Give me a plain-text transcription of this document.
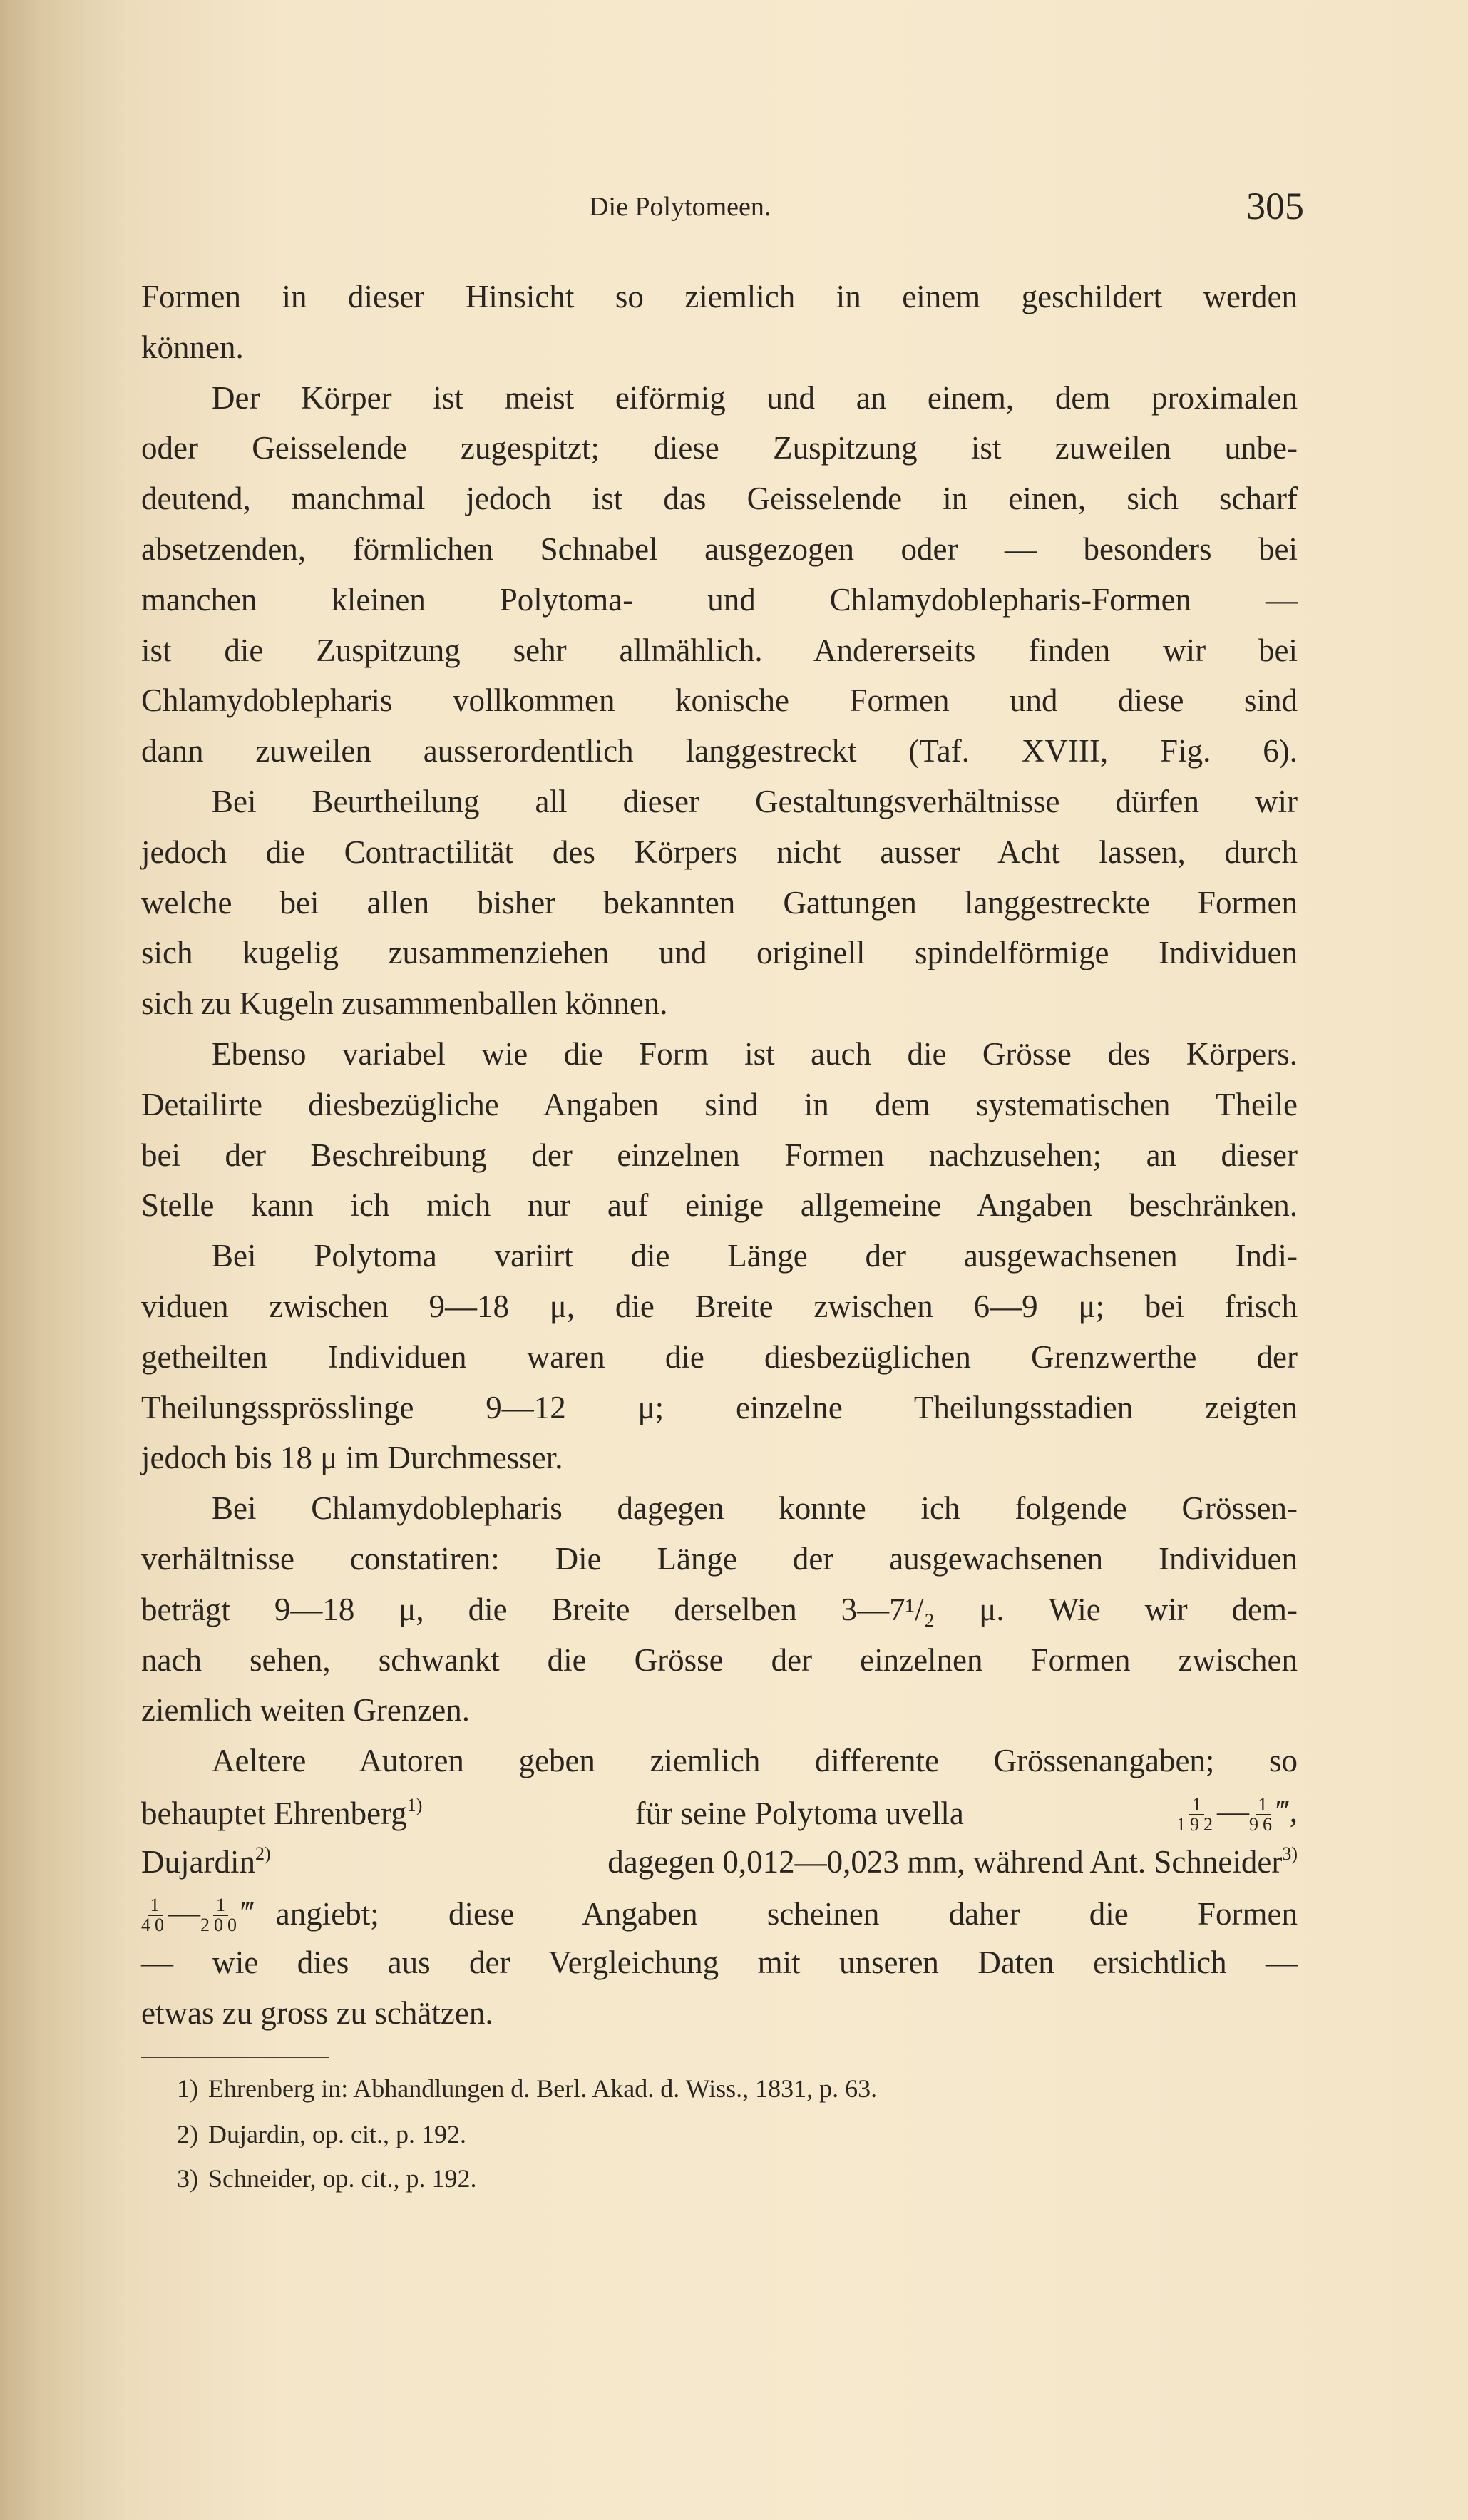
Die Polytomeen.	305
behauptet Ehrenberg$^{1)}$	für seine Polytoma uvella	$\frac{1}{192}$ — $\frac{1}{96}$ ‴,
Dujardin$^{2)}$	dagegen 0,012—0,023 mm, während Ant. Schneider$^{3)}$
$\frac{1}{40}$ — $\frac{1}{200}$ ‴ angiebt; diese Angaben scheinen daher die Formen
Formen in dieser Hinsicht so ziemlich in einem geschildert werden
können.
Der Körper ist meist eiförmig und an einem, dem proximalen
oder Geisselende zugespitzt; diese Zuspitzung ist zuweilen unbe-
deutend, manchmal jedoch ist das Geisselende in einen, sich scharf
absetzenden, förmlichen Schnabel ausgezogen oder — besonders bei
manchen kleinen Polytoma- und Chlamydoblepharis-Formen —
ist die Zuspitzung sehr allmählich. Andererseits finden wir bei
Chlamydoblepharis vollkommen konische Formen und diese sind
dann zuweilen ausserordentlich langgestreckt (Taf. XVIII, Fig. 6).
Bei Beurtheilung all dieser Gestaltungsverhältnisse dürfen wir
jedoch die Contractilität des Körpers nicht ausser Acht lassen, durch
welche bei allen bisher bekannten Gattungen langgestreckte Formen
sich kugelig zusammenziehen und originell spindelförmige Individuen
sich zu Kugeln zusammenballen können.
Ebenso variabel wie die Form ist auch die Grösse des Körpers.
Detailirte diesbezügliche Angaben sind in dem systematischen Theile
bei der Beschreibung der einzelnen Formen nachzusehen; an dieser
Stelle kann ich mich nur auf einige allgemeine Angaben beschränken.
Bei Polytoma variirt die Länge der ausgewachsenen Indi-
viduen zwischen 9—18 μ, die Breite zwischen 6—9 μ; bei frisch
getheilten Individuen waren die diesbezüglichen Grenzwerthe der
Theilungssprösslinge 9—12 μ; einzelne Theilungsstadien zeigten
jedoch bis 18 μ im Durchmesser.
Bei Chlamydoblepharis dagegen konnte ich folgende Grössen-
verhältnisse constatiren: Die Länge der ausgewachsenen Individuen
beträgt 9—18 μ, die Breite derselben 3—7¹/₂ μ. Wie wir dem-
nach sehen, schwankt die Grösse der einzelnen Formen zwischen
ziemlich weiten Grenzen.
Aeltere Autoren geben ziemlich differente Grössenangaben; so
— wie dies aus der Vergleichung mit unseren Daten ersichtlich —
etwas zu gross zu schätzen.
1) Ehrenberg in: Abhandlungen d. Berl. Akad. d. Wiss., 1831, p. 63.
2) Dujardin, op. cit., p. 192.
3) Schneider, op. cit., p. 192.
